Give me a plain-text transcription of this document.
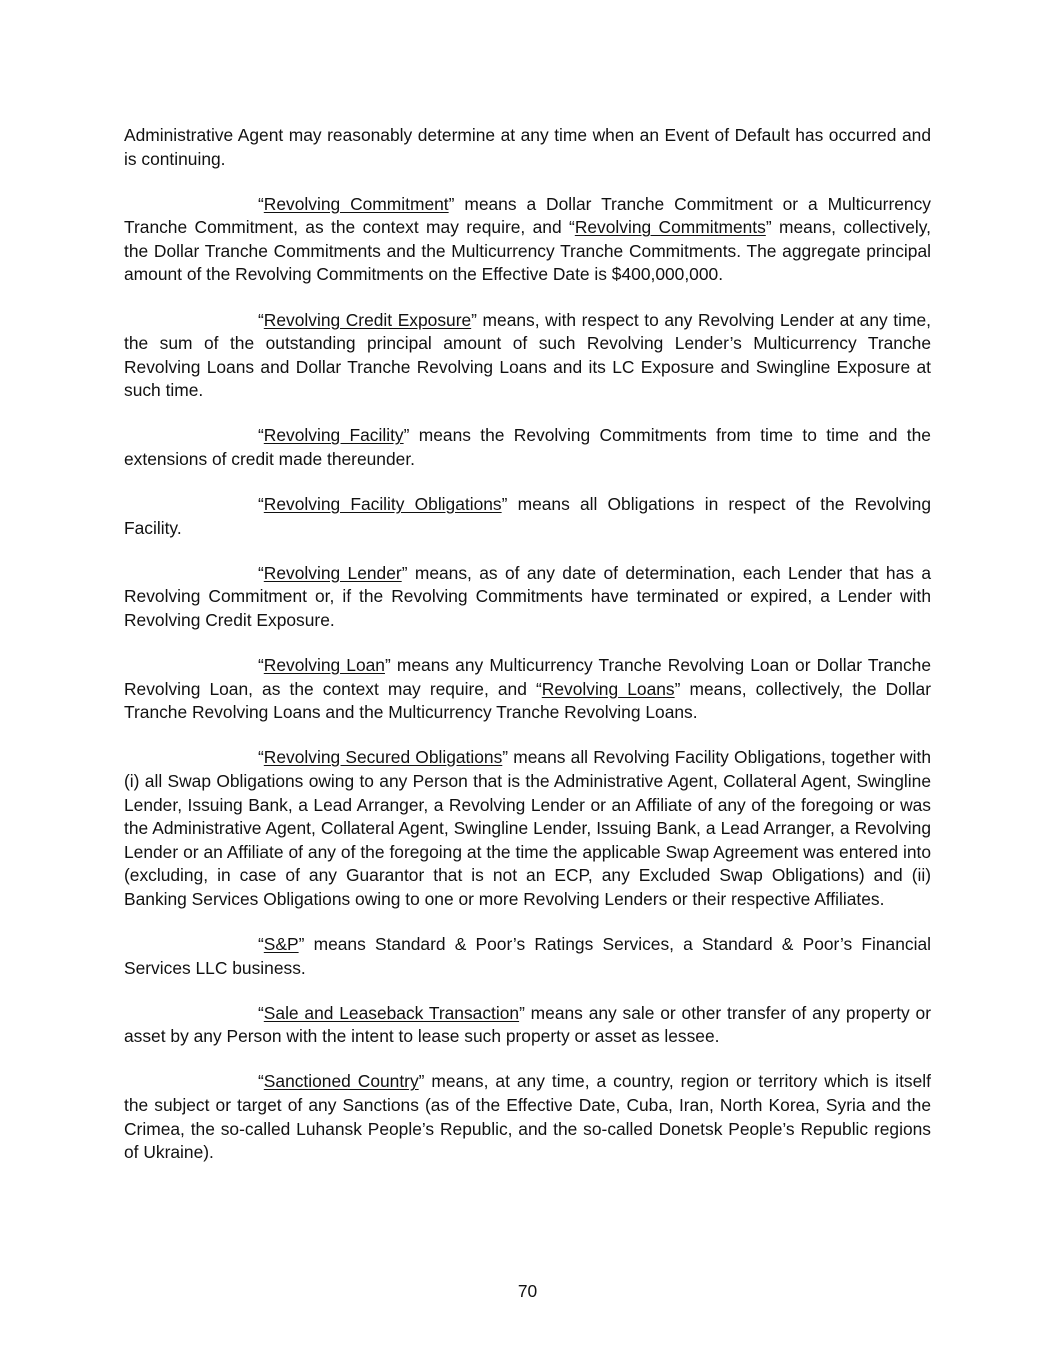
Administrative Agent may reasonably determine at any time when an Event of Default has occurred and is continuing.

“Revolving Commitment” means a Dollar Tranche Commitment or a Multicurrency Tranche Commitment, as the context may require, and “Revolving Commitments” means, collectively, the Dollar Tranche Commitments and the Multicurrency Tranche Commitments. The aggregate principal amount of the Revolving Commitments on the Effective Date is $400,000,000.

“Revolving Credit Exposure” means, with respect to any Revolving Lender at any time, the sum of the outstanding principal amount of such Revolving Lender’s Multicurrency Tranche Revolving Loans and Dollar Tranche Revolving Loans and its LC Exposure and Swingline Exposure at such time.

“Revolving Facility” means the Revolving Commitments from time to time and the extensions of credit made thereunder.

“Revolving Facility Obligations” means all Obligations in respect of the Revolving Facility.

“Revolving Lender” means, as of any date of determination, each Lender that has a Revolving Commitment or, if the Revolving Commitments have terminated or expired, a Lender with Revolving Credit Exposure.

“Revolving Loan” means any Multicurrency Tranche Revolving Loan or Dollar Tranche Revolving Loan, as the context may require, and “Revolving Loans” means, collectively, the Dollar Tranche Revolving Loans and the Multicurrency Tranche Revolving Loans.

“Revolving Secured Obligations” means all Revolving Facility Obligations, together with (i) all Swap Obligations owing to any Person that is the Administrative Agent, Collateral Agent, Swingline Lender, Issuing Bank, a Lead Arranger, a Revolving Lender or an Affiliate of any of the foregoing or was the Administrative Agent, Collateral Agent, Swingline Lender, Issuing Bank, a Lead Arranger, a Revolving Lender or an Affiliate of any of the foregoing at the time the applicable Swap Agreement was entered into (excluding, in case of any Guarantor that is not an ECP, any Excluded Swap Obligations) and (ii) Banking Services Obligations owing to one or more Revolving Lenders or their respective Affiliates.

“S&P” means Standard & Poor’s Ratings Services, a Standard & Poor’s Financial Services LLC business.

“Sale and Leaseback Transaction” means any sale or other transfer of any property or asset by any Person with the intent to lease such property or asset as lessee.

“Sanctioned Country” means, at any time, a country, region or territory which is itself the subject or target of any Sanctions (as of the Effective Date, Cuba, Iran, North Korea, Syria and the Crimea, the so-called Luhansk People’s Republic, and the so-called Donetsk People’s Republic regions of Ukraine).

70
